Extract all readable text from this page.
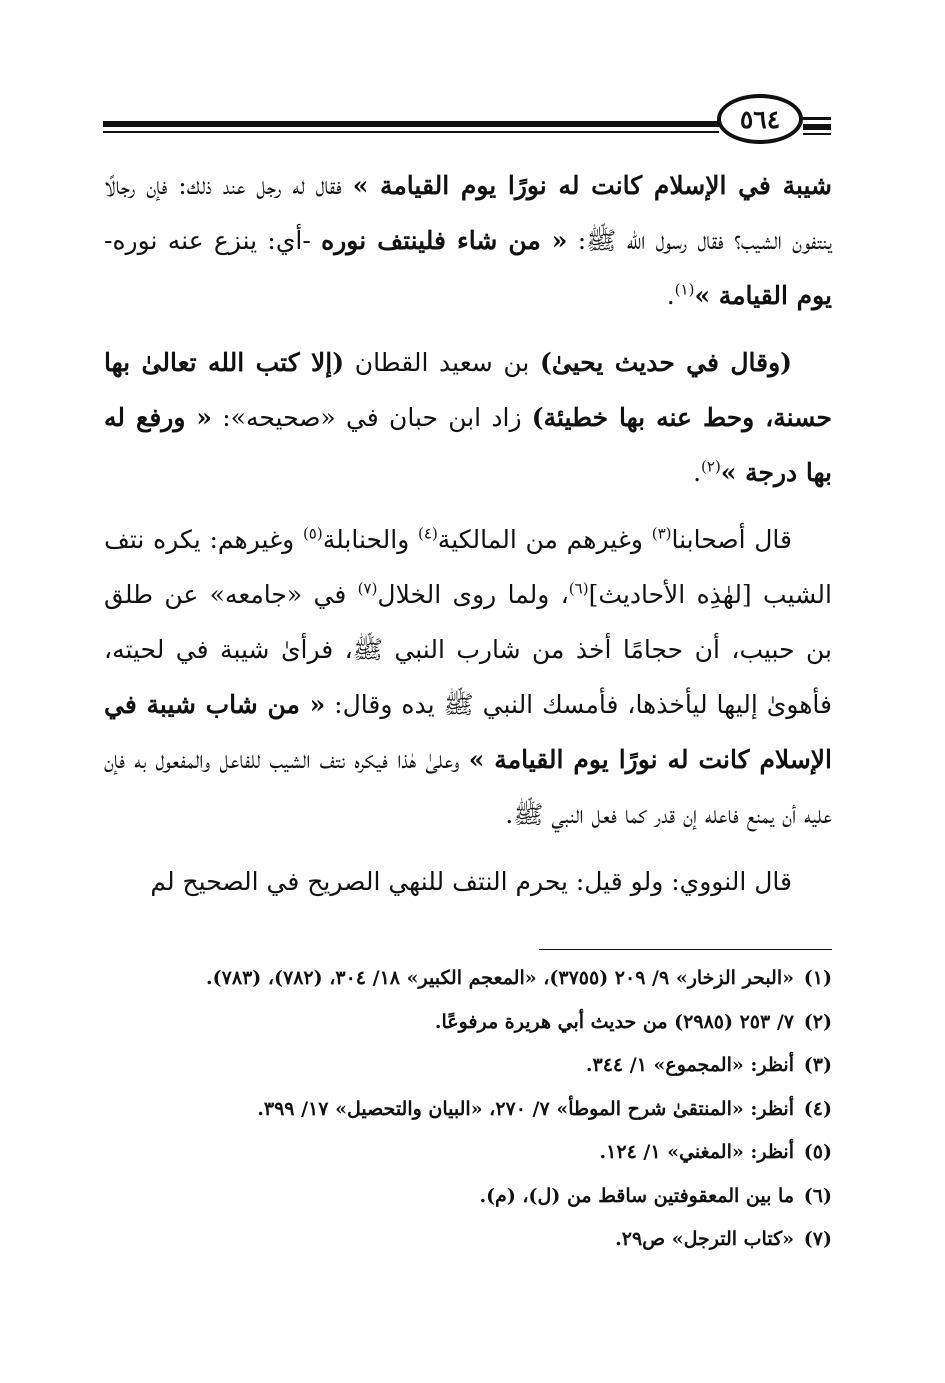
٥٦٤

شيبة في الإسلام كانت له نورًا يوم القيامة » فقال له رجل عند ذلك: فإن رجالًا ينتفون الشيب؟ فقال رسول الله ﷺ: « من شاء فلينتف نوره -أي: ينزع عنه نوره- يوم القيامة »$^{(١)}$.

(وقال في حديث يحيىٰ) بن سعيد القطان (إلا كتب الله تعالىٰ بها حسنة، وحط عنه بها خطيئة) زاد ابن حبان في «صحيحه»: « ورفع له بها درجة »$^{(٢)}$.

قال أصحابنا$^{(٣)}$ وغيرهم من المالكية$^{(٤)}$ والحنابلة$^{(٥)}$ وغيرهم: يكره نتف الشيب [لهٰذِه الأحاديث]$^{(٦)}$، ولما روى الخلال$^{(٧)}$ في «جامعه» عن طلق بن حبيب، أن حجامًا أخذ من شارب النبي ﷺ، فرأىٰ شيبة في لحيته، فأهوىٰ إليها ليأخذها، فأمسك النبي ﷺ يده وقال: « من شاب شيبة في الإسلام كانت له نورًا يوم القيامة » وعلىٰ هٰذا فيكره نتف الشيب للفاعل والمفعول به فإن عليه أن يمنع فاعله إن قدر كما فعل النبي ﷺ.

قال النووي: ولو قيل: يحرم النتف للنهي الصريح في الصحيح لم

(١)«البحر الزخار» ٩/ ٢٠٩ (٣٧٥٥)، «المعجم الكبير» ١٨/ ٣٠٤، (٧٨٢)، (٧٨٣).
(٢)٧/ ٢٥٣ (٢٩٨٥) من حديث أبي هريرة مرفوعًا.
(٣)أنظر: «المجموع» ١/ ٣٤٤.
(٤)أنظر: «المنتقىٰ شرح الموطأ» ٧/ ٢٧٠، «البيان والتحصيل» ١٧/ ٣٩٩.
(٥)أنظر: «المغني» ١/ ١٢٤.
(٦)ما بين المعقوفتين ساقط من (ل)، (م).
(٧)«كتاب الترجل» ص٢٩.
